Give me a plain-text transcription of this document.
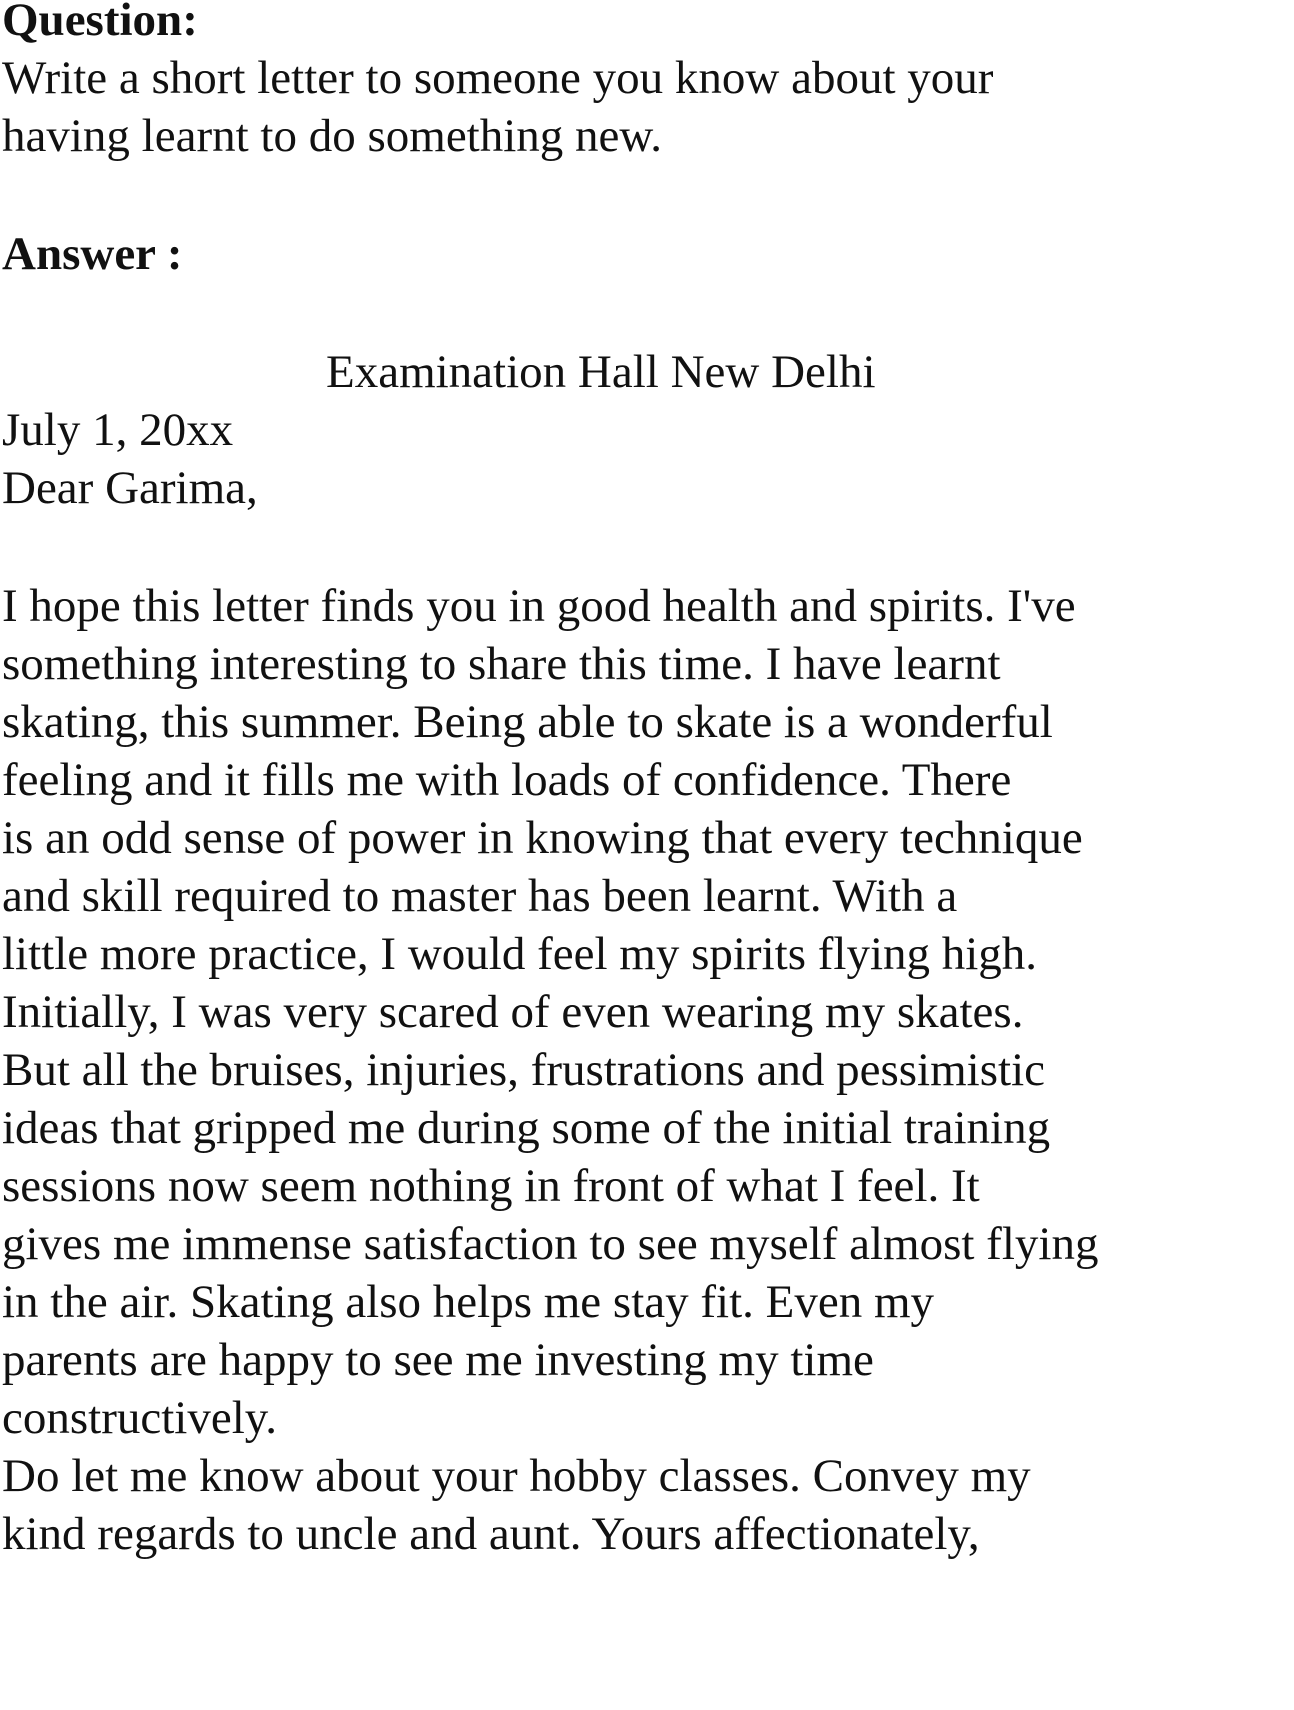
Question:
Write a short letter to someone you know about your
having learnt to do something new.
Answer :
Examination Hall New Delhi
July 1, 20xx
Dear Garima,
I hope this letter finds you in good health and spirits. I've
something interesting to share this time. I have learnt
skating, this summer. Being able to skate is a wonderful
feeling and it fills me with loads of confidence. There
is an odd sense of power in knowing that every technique
and skill required to master has been learnt. With a
little more practice, I would feel my spirits flying high.
Initially, I was very scared of even wearing my skates.
But all the bruises, injuries, frustrations and pessimistic
ideas that gripped me during some of the initial training
sessions now seem nothing in front of what I feel. It
gives me immense satisfaction to see myself almost flying
in the air. Skating also helps me stay fit. Even my
parents are happy to see me investing my time
constructively.
Do let me know about your hobby classes. Convey my
kind regards to uncle and aunt. Yours affectionately,
